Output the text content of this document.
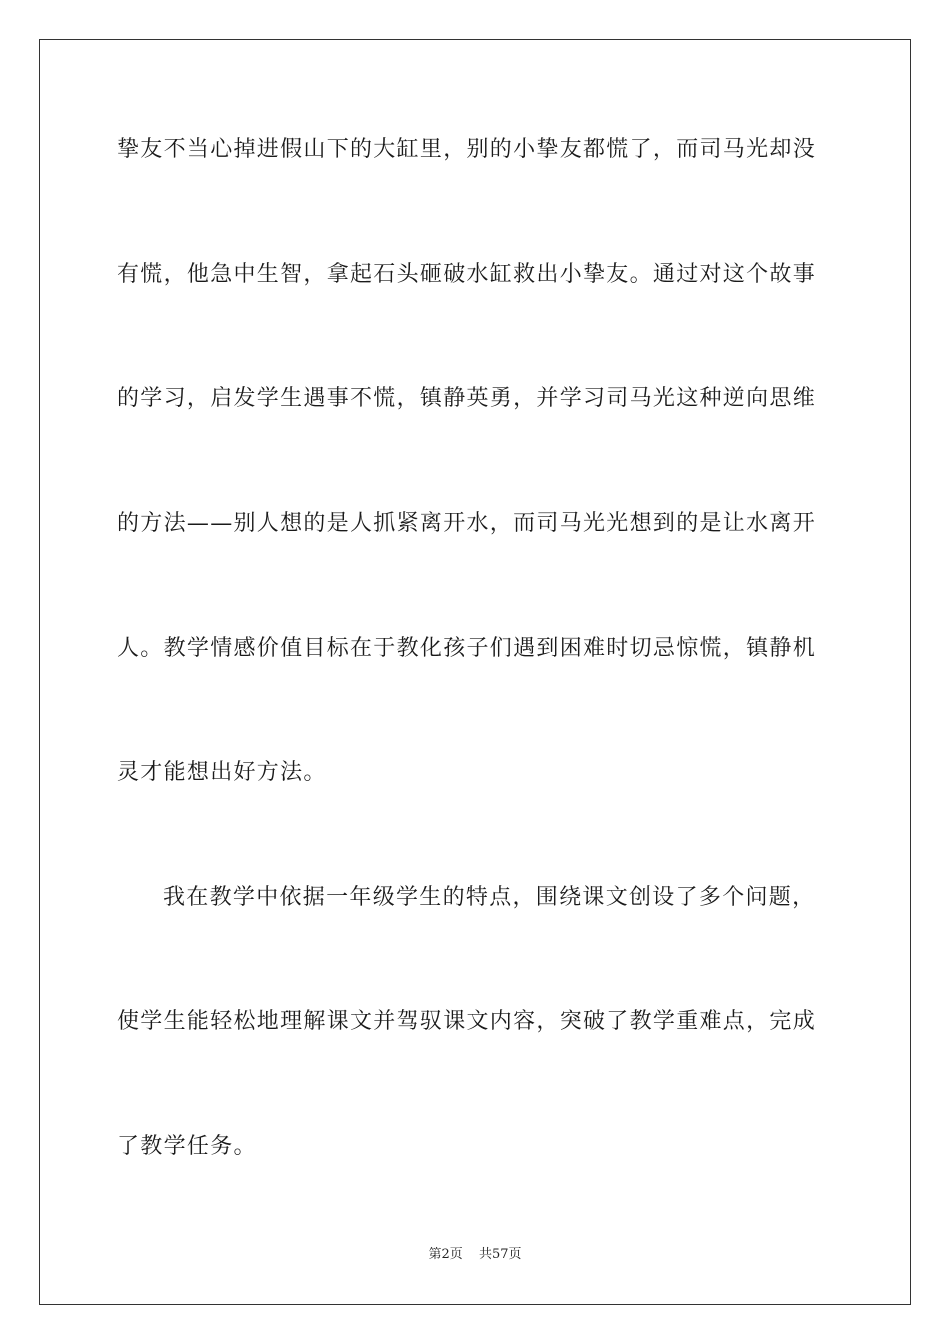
挚友不当心掉进假山下的大缸里，别的小挚友都慌了，而司马光却没
有慌，他急中生智，拿起石头砸破水缸救出小挚友。通过对这个故事
的学习，启发学生遇事不慌，镇静英勇，并学习司马光这种逆向思维
的方法——别人想的是人抓紧离开水，而司马光光想到的是让水离开
人。教学情感价值目标在于教化孩子们遇到困难时切忌惊慌，镇静机
灵才能想出好方法。
我在教学中依据一年级学生的特点，围绕课文创设了多个问题，
使学生能轻松地理解课文并驾驭课文内容，突破了教学重难点，完成
了教学任务。
第2页 共57页
